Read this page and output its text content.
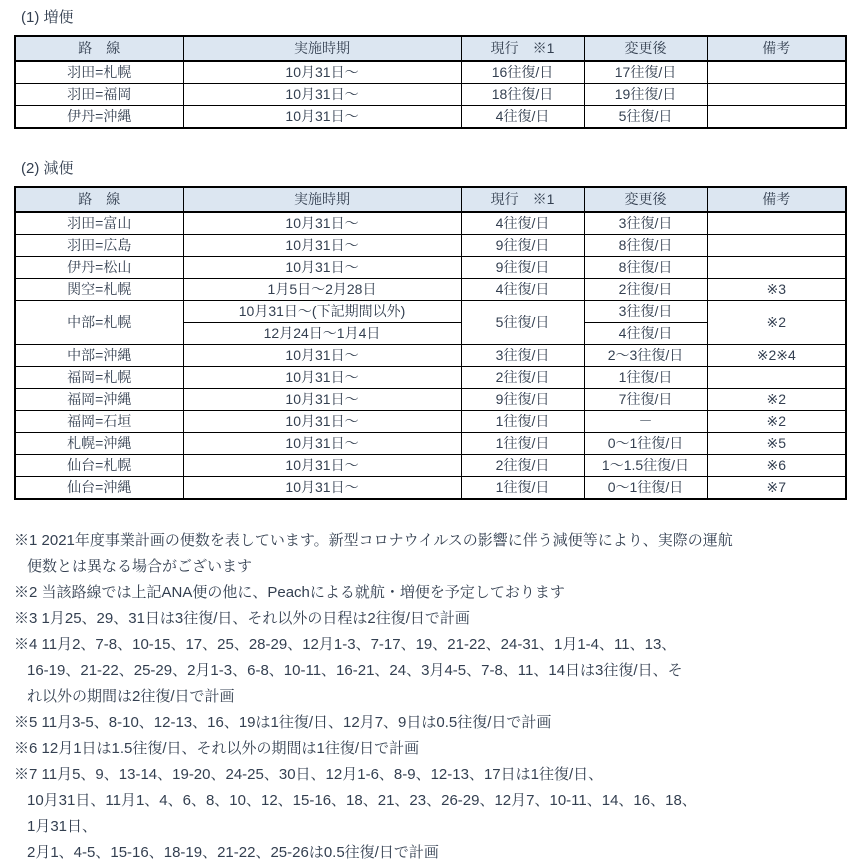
(1) 増便
路　線	実施時期	現行　※1	変更後	備考
羽田=札幌	10月31日～	16往復/日	17往復/日	
羽田=福岡	10月31日～	18往復/日	19往復/日	
伊丹=沖縄	10月31日～	4往復/日	5往復/日	
(2) 減便
路　線	実施時期	現行　※1	変更後	備考
羽田=富山	10月31日～	4往復/日	3往復/日	
羽田=広島	10月31日～	9往復/日	8往復/日	
伊丹=松山	10月31日～	9往復/日	8往復/日	
関空=札幌	1月5日～2月28日	4往復/日	2往復/日	※3
中部=札幌	10月31日～(下記期間以外)	5往復/日	3往復/日	※2
	12月24日～1月4日		4往復/日	
中部=沖縄	10月31日～	3往復/日	2～3往復/日	※2※4
福岡=札幌	10月31日～	2往復/日	1往復/日	
福岡=沖縄	10月31日～	9往復/日	7往復/日	※2
福岡=石垣	10月31日～	1往復/日	－	※2
札幌=沖縄	10月31日～	1往復/日	0～1往復/日	※5
仙台=札幌	10月31日～	2往復/日	1～1.5往復/日	※6
仙台=沖縄	10月31日～	1往復/日	0～1往復/日	※7
※1 2021年度事業計画の便数を表しています。新型コロナウイルスの影響に伴う減便等により、実際の運航
便数とは異なる場合がございます
※2 当該路線では上記ANA便の他に、Peachによる就航・増便を予定しております
※3 1月25、29、31日は3往復/日、それ以外の日程は2往復/日で計画
※4 11月2、7-8、10-15、17、25、28-29、12月1-3、7-17、19、21-22、24-31、1月1-4、11、13、
16-19、21-22、25-29、2月1-3、6-8、10-11、16-21、24、3月4-5、7-8、11、14日は3往復/日、そ
れ以外の期間は2往復/日で計画
※5 11月3-5、8-10、12-13、16、19は1往復/日、12月7、9日は0.5往復/日で計画
※6 12月1日は1.5往復/日、それ以外の期間は1往復/日で計画
※7 11月5、9、13-14、19-20、24-25、30日、12月1-6、8-9、12-13、17日は1往復/日、
10月31日、11月1、4、6、8、10、12、15-16、18、21、23、26-29、12月7、10-11、14、16、18、
1月31日、
2月1、4-5、15-16、18-19、21-22、25-26は0.5往復/日で計画
